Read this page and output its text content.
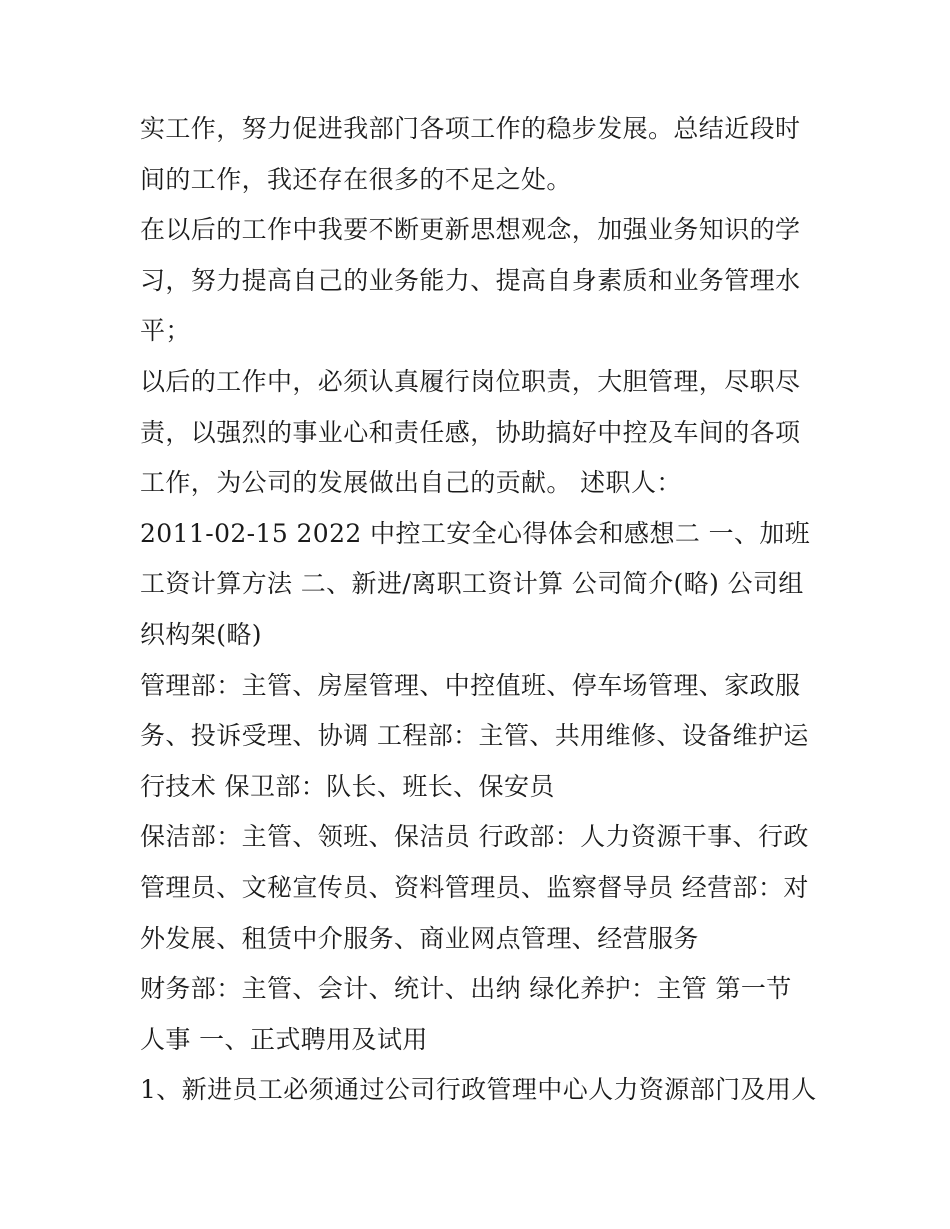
实工作，努力促进我部门各项工作的稳步发展。总结近段时间的工作，我还存在很多的不足之处。

在以后的工作中我要不断更新思想观念，加强业务知识的学习，努力提高自己的业务能力、提高自身素质和业务管理水平；

以后的工作中，必须认真履行岗位职责，大胆管理，尽职尽责，以强烈的事业心和责任感，协助搞好中控及车间的各项工作，为公司的发展做出自己的贡献。 述职人：

2011-02-15 2022 中控工安全心得体会和感想二 一、加班工资计算方法 二、新进/离职工资计算 公司简介(略) 公司组织构架(略)

管理部：主管、房屋管理、中控值班、停车场管理、家政服务、投诉受理、协调 工程部：主管、共用维修、设备维护运行技术 保卫部：队长、班长、保安员

保洁部：主管、领班、保洁员 行政部：人力资源干事、行政管理员、文秘宣传员、资料管理员、监察督导员 经营部：对外发展、租赁中介服务、商业网点管理、经营服务

财务部：主管、会计、统计、出纳 绿化养护：主管 第一节 人事 一、正式聘用及试用

1、新进员工必须通过公司行政管理中心人力资源部门及用人
